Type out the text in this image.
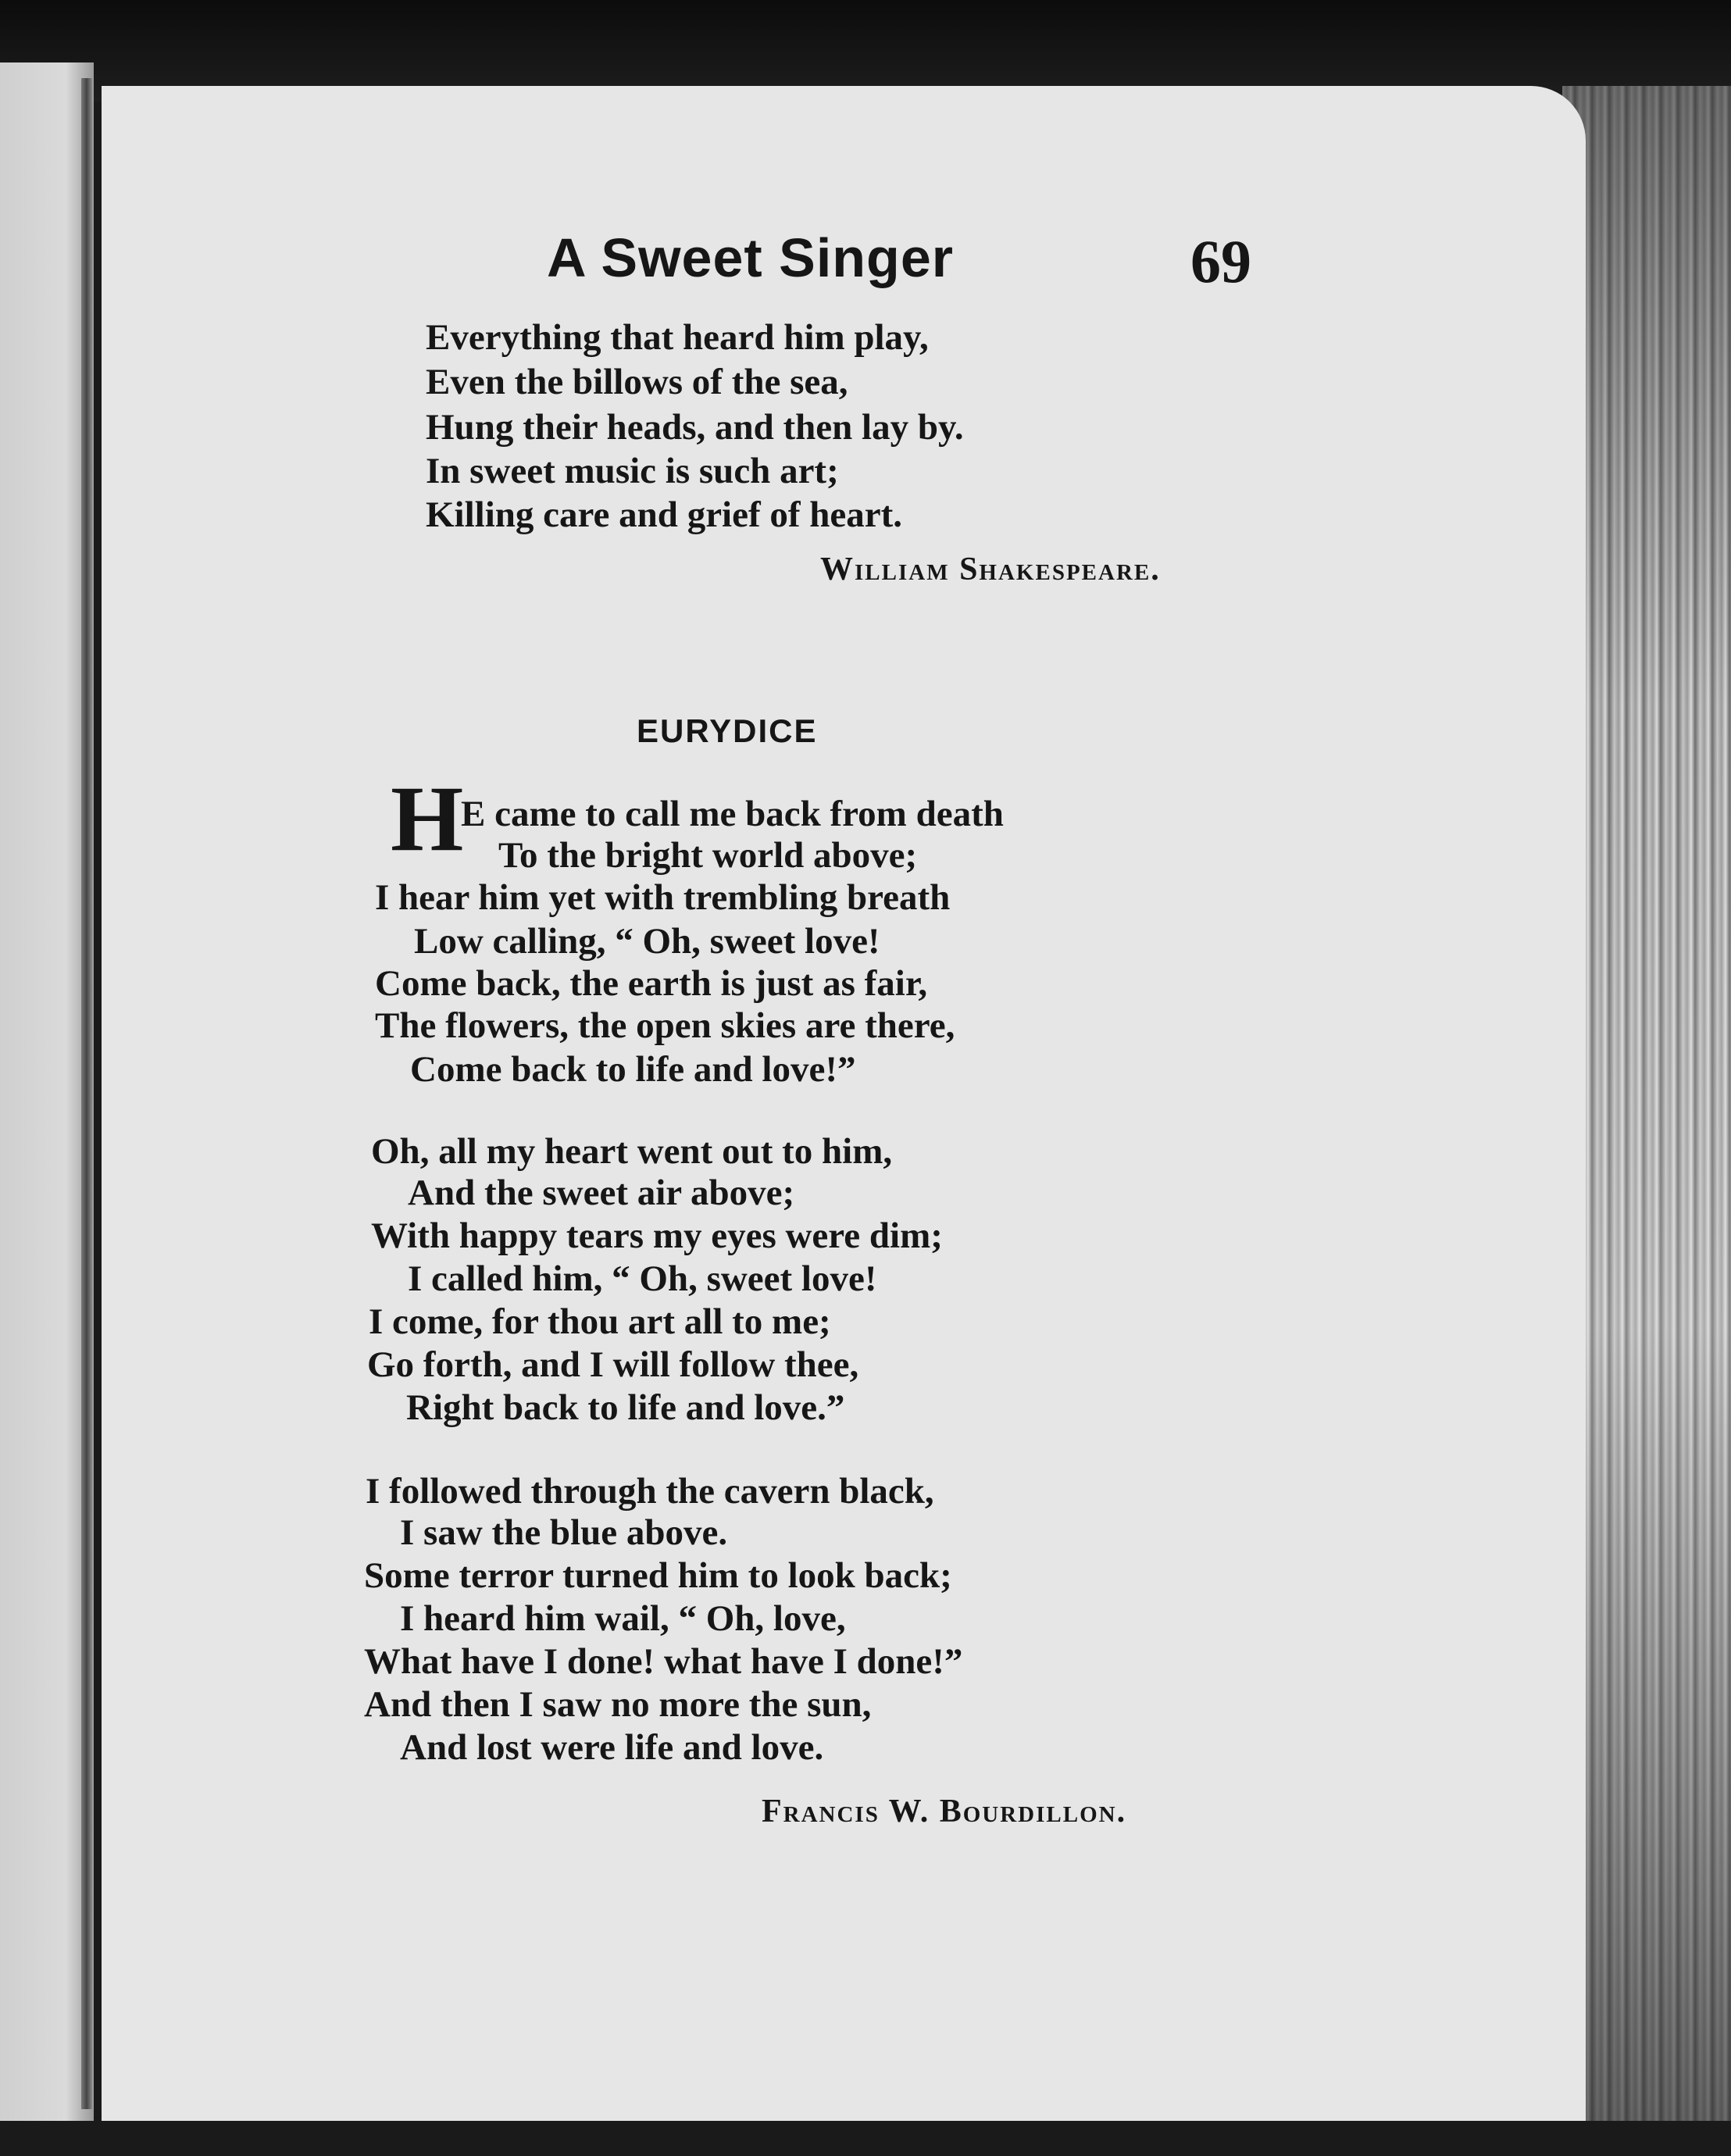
A Sweet Singer	69
Everything that heard him play,
Even the billows of the sea,
Hung their heads, and then lay by.
In sweet music is such art;
Killing care and grief of heart.
William Shakespeare.
EURYDICE
H
E came to call me back from death
To the bright world above;
I hear him yet with trembling breath
Low calling, “ Oh, sweet love!
Come back, the earth is just as fair,
The flowers, the open skies are there,
Come back to life and love!”
Oh, all my heart went out to him,
And the sweet air above;
With happy tears my eyes were dim;
I called him, “ Oh, sweet love!
I come, for thou art all to me;
Go forth, and I will follow thee,
Right back to life and love.”
I followed through the cavern black,
I saw the blue above.
Some terror turned him to look back;
I heard him wail, “ Oh, love,
What have I done! what have I done!”
And then I saw no more the sun,
And lost were life and love.
Francis W. Bourdillon.
